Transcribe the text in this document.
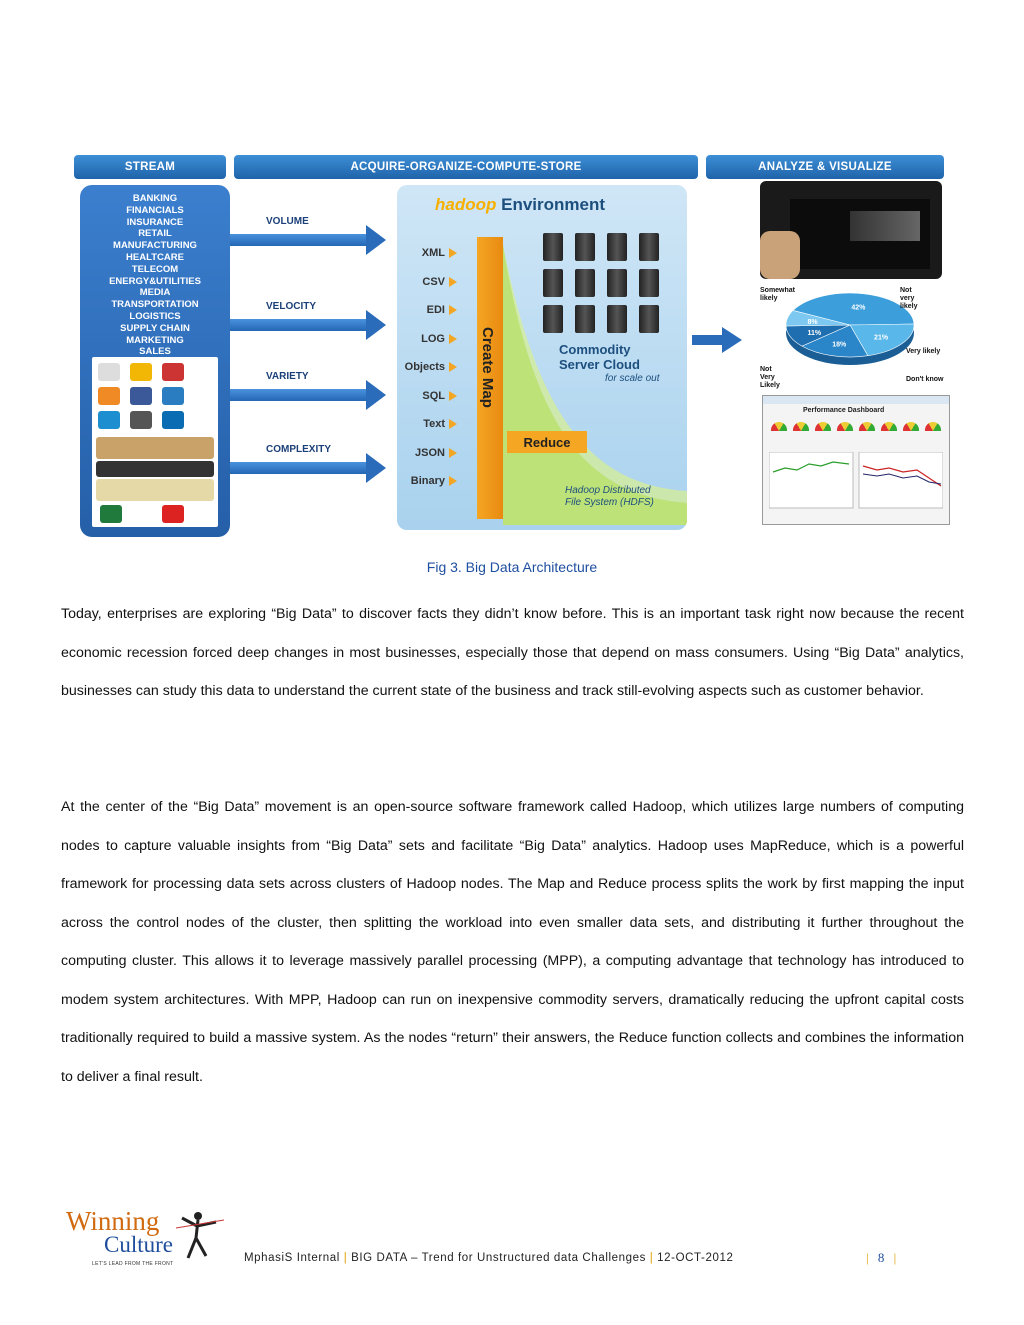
STREAM	ACQUIRE-ORGANIZE-COMPUTE-STORE	ANALYZE & VISUALIZE
BANKING
FINANCIALS
INSURANCE
RETAIL
MANUFACTURING
HEALTCARE
TELECOM
ENERGY&UTILITIES
MEDIA
TRANSPORTATION
LOGISTICS
SUPPLY CHAIN
MARKETING
SALES
VOLUME
VELOCITY
VARIETY
COMPLEXITY
hadoop Environment
XML
CSV
EDI
LOG
Objects
SQL
Text
JSON
Binary
Create Map	Commodity
Server Cloud
for scale out
Reduce
Hadoop Distributed
File System (HDFS)
42%
21%
18%
11%
8%
Somewhat likely
Not very likely
Very likely
Not Very Likely
Don't know
Performance Dashboard
Fig 3. Big Data Architecture

Today, enterprises are exploring “Big Data” to discover facts they didn’t know before. This is an important task right now because the recent economic recession forced deep changes in most businesses, especially those that depend on mass consumers. Using “Big Data” analytics, businesses can study this data to understand the current state of the business and track still-evolving aspects such as customer behavior.

At the center of the “Big Data” movement is an open-source software framework called Hadoop, which utilizes large numbers of computing nodes to capture valuable insights from “Big Data” sets and facilitate “Big Data” analytics. Hadoop uses MapReduce, which is a powerful framework for processing data sets across clusters of Hadoop nodes. The Map and Reduce process splits the work by first mapping the input across the control nodes of the cluster, then splitting the workload into even smaller data sets, and distributing it further throughout the computing cluster. This allows it to leverage massively parallel processing (MPP), a computing advantage that technology has introduced to modem system architectures. With MPP, Hadoop can run on inexpensive commodity servers, dramatically reducing the upfront capital costs traditionally required to build a massive system. As the nodes “return” their answers, the Reduce function collects and combines the information to deliver a final result.

Winning
Culture
LET'S LEAD FROM THE FRONT	MphasiS Internal | BIG DATA – Trend for Unstructured data Challenges | 12-OCT-2012	| 8 |
